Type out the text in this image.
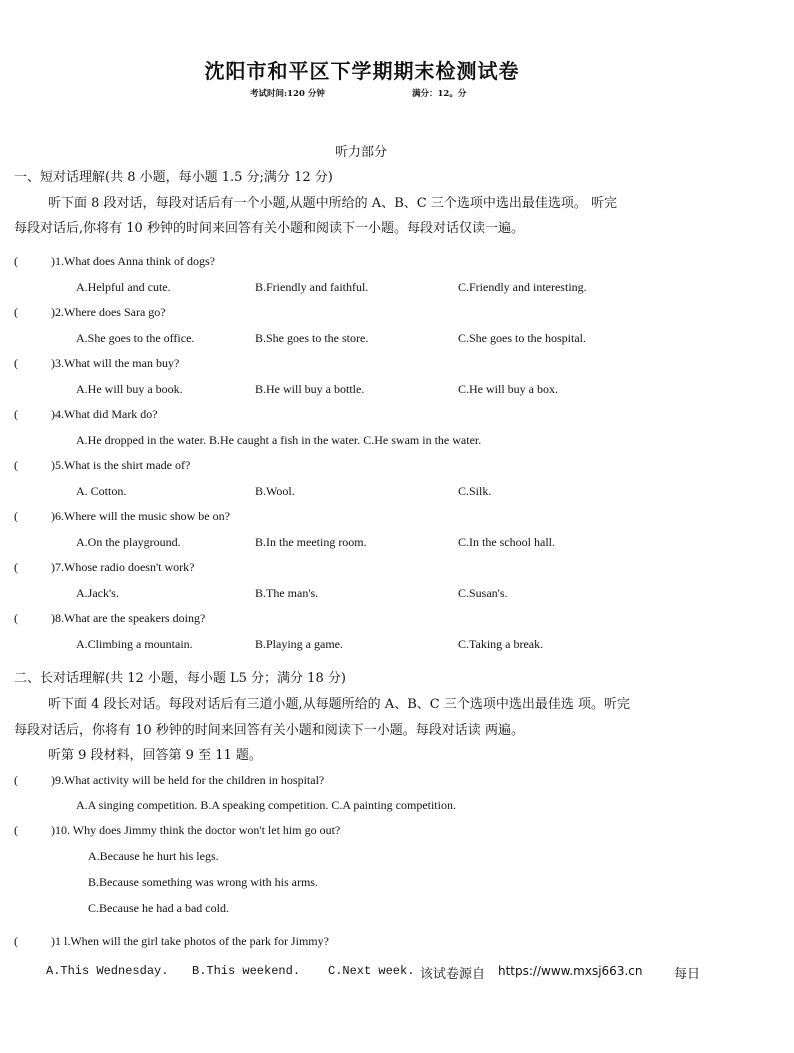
沈阳市和平区下学期期末检测试卷
考试时间:120 分钟	满分：12。分
听力部分
一、短对话理解(共 8 小题，每小题 1.5 分;满分 12 分)
听下面 8 段对话，每段对话后有一个小题,从题中所给的 A、B、C 三个选项中选出最佳选项。 听完
每段对话后,你将有 10 秒钟的时间来回答有关小题和阅读下一小题。每段对话仅读一遍。
(	)1.What does Anna think of dogs?
A.Helpful and cute.	B.Friendly and faithful.	C.Friendly and interesting.
(	)2.Where does Sara go?
A.She goes to the office.	B.She goes to the store.	C.She goes to the hospital.
(	)3.What will the man buy?
A.He will buy a book.	B.He will buy a bottle.	C.He will buy a box.
(	)4.What did Mark do?
A.He dropped in the water. B.He caught a fish in the water. C.He swam in the water.
(	)5.What is the shirt made of?
A. Cotton.	B.Wool.	C.Silk.
(	)6.Where will the music show be on?
A.On the playground.	B.In the meeting room.	C.In the school hall.
(	)7.Whose radio doesn't work?
A.Jack's.	B.The man's.	C.Susan's.
(	)8.What are the speakers doing?
A.Climbing a mountain.	B.Playing a game.	C.Taking a break.
二、长对话理解(共 12 小题，每小题 L5 分；满分 18 分)
听下面 4 段长对话。每段对话后有三道小题,从每题所给的 A、B、C 三个选项中选出最佳选 项。听完
每段对话后，你将有 10 秒钟的时间来回答有关小题和阅读下一小题。每段对话读 两遍。
听第 9 段材料，回答第 9 至 11 题。
(	)9.What activity will be held for the children in hospital?
A.A singing competition. B.A speaking competition. C.A painting competition.
(	)10. Why does Jimmy think the doctor won't let him go out?
A.Because he hurt his legs.
B.Because something was wrong with his arms.
C.Because he had a bad cold.
(	)1 l.When will the girl take photos of the park for Jimmy?
A.This Wednesday. B.This weekend. C.Next week. 该试卷源自 https://www.mxsj663.cn 每日
